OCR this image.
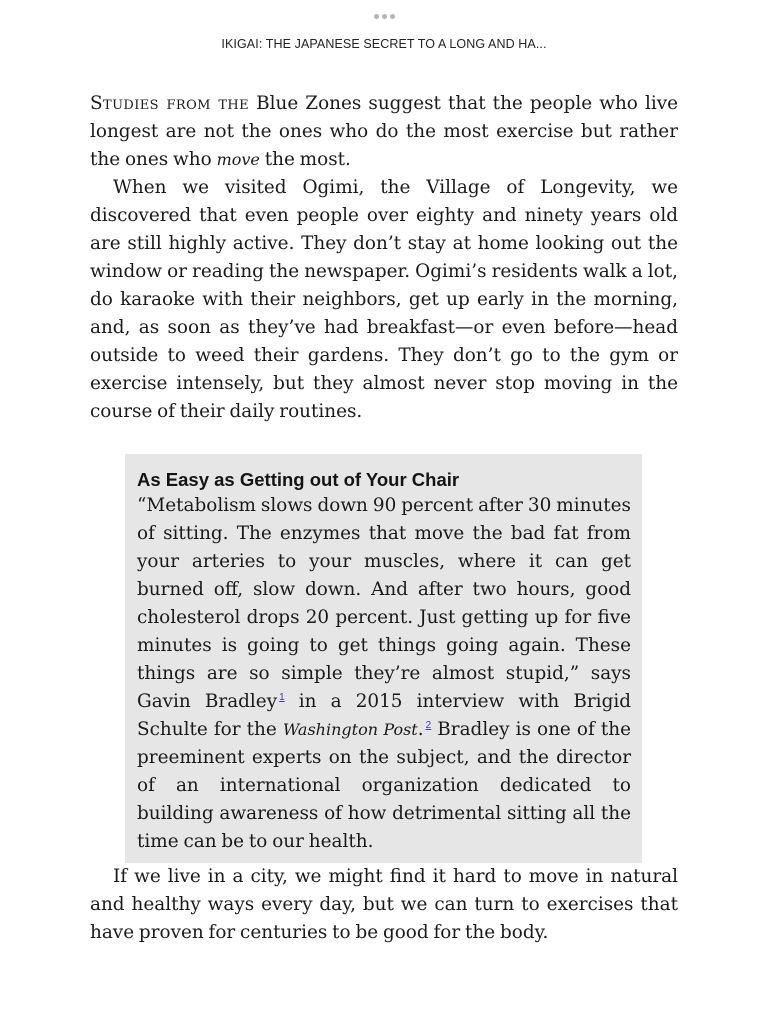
IKIGAI: THE JAPANESE SECRET TO A LONG AND HA...

Studies from the Blue Zones suggest that the people who live longest are not the ones who do the most exercise but rather the ones who move the most.

When we visited Ogimi, the Village of Longevity, we discovered that even people over eighty and ninety years old are still highly active. They don’t stay at home looking out the window or reading the newspaper. Ogimi’s residents walk a lot, do karaoke with their neighbors, get up early in the morning, and, as soon as they’ve had breakfast—or even before—head outside to weed their gardens. They don’t go to the gym or exercise intensely, but they almost never stop moving in the course of their daily routines.

As Easy as Getting out of Your Chair

“Metabolism slows down 90 percent after 30 minutes of sitting. The enzymes that move the bad fat from your arteries to your muscles, where it can get burned off, slow down. And after two hours, good cholesterol drops 20 percent. Just getting up for five minutes is going to get things going again. These things are so simple they’re almost stupid,” says Gavin Bradley $^1$ in a 2015 interview with Brigid Schulte for the Washington Post. $^2$ Bradley is one of the preeminent experts on the subject, and the director of an international organization dedicated to building awareness of how detrimental sitting all the time can be to our health.

If we live in a city, we might find it hard to move in natural and healthy ways every day, but we can turn to exercises that have proven for centuries to be good for the body.
